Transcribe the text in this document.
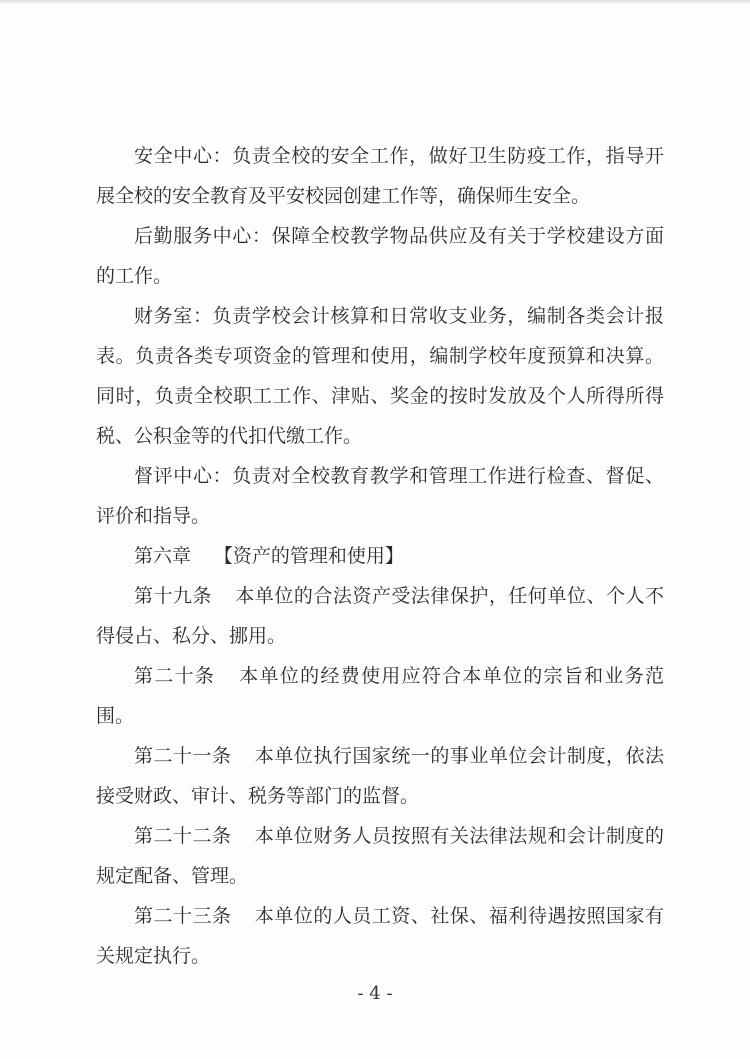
安全中心：负责全校的安全工作，做好卫生防疫工作，指导开展全校的安全教育及平安校园创建工作等，确保师生安全。

后勤服务中心：保障全校教学物品供应及有关于学校建设方面的工作。

财务室：负责学校会计核算和日常收支业务，编制各类会计报表。负责各类专项资金的管理和使用，编制学校年度预算和决算。同时，负责全校职工工作、津贴、奖金的按时发放及个人所得所得税、公积金等的代扣代缴工作。

督评中心：负责对全校教育教学和管理工作进行检查、督促、评价和指导。

第六章 【资产的管理和使用】

第十九条 本单位的合法资产受法律保护，任何单位、个人不得侵占、私分、挪用。

第二十条 本单位的经费使用应符合本单位的宗旨和业务范围。

第二十一条 本单位执行国家统一的事业单位会计制度，依法接受财政、审计、税务等部门的监督。

第二十二条 本单位财务人员按照有关法律法规和会计制度的规定配备、管理。

第二十三条 本单位的人员工资、社保、福利待遇按照国家有关规定执行。

- 4 -
